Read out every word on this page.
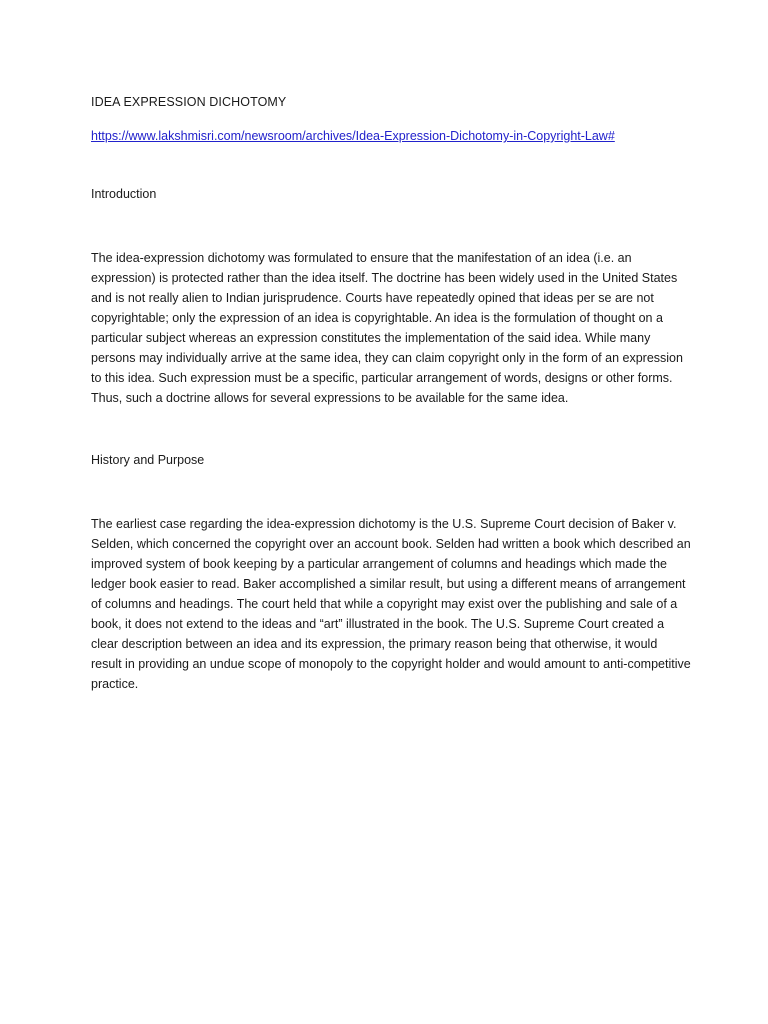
IDEA EXPRESSION DICHOTOMY

https://www.lakshmisri.com/newsroom/archives/Idea-Expression-Dichotomy-in-Copyright-Law#

Introduction

The idea-expression dichotomy was formulated to ensure that the manifestation of an idea (i.e. an expression) is protected rather than the idea itself. The doctrine has been widely used in the United States and is not really alien to Indian jurisprudence. Courts have repeatedly opined that ideas per se are not copyrightable; only the expression of an idea is copyrightable. An idea is the formulation of thought on a particular subject whereas an expression constitutes the implementation of the said idea. While many persons may individually arrive at the same idea, they can claim copyright only in the form of an expression to this idea. Such expression must be a specific, particular arrangement of words, designs or other forms. Thus, such a doctrine allows for several expressions to be available for the same idea.

History and Purpose

The earliest case regarding the idea-expression dichotomy is the U.S. Supreme Court decision of Baker v. Selden, which concerned the copyright over an account book. Selden had written a book which described an improved system of book keeping by a particular arrangement of columns and headings which made the ledger book easier to read. Baker accomplished a similar result, but using a different means of arrangement of columns and headings. The court held that while a copyright may exist over the publishing and sale of a book, it does not extend to the ideas and “art” illustrated in the book. The U.S. Supreme Court created a clear description between an idea and its expression, the primary reason being that otherwise, it would result in providing an undue scope of monopoly to the copyright holder and would amount to anti-competitive practice.
